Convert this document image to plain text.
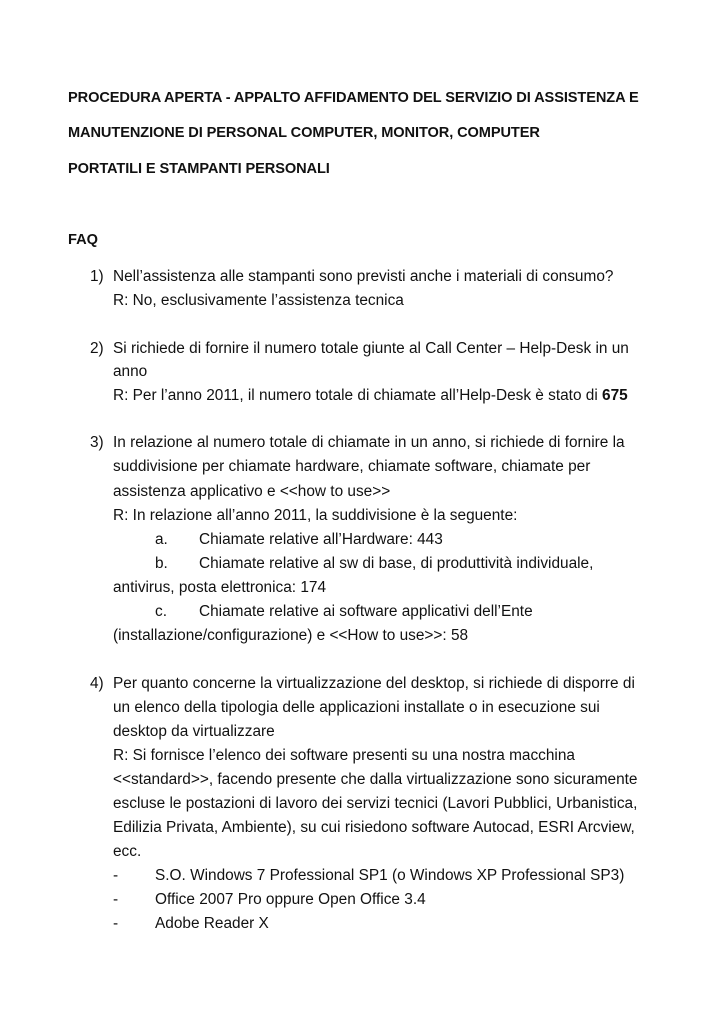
PROCEDURA APERTA - APPALTO AFFIDAMENTO DEL SERVIZIO DI ASSISTENZA E
MANUTENZIONE DI PERSONAL COMPUTER, MONITOR, COMPUTER
PORTATILI E STAMPANTI PERSONALI
FAQ
1) Nell’assistenza alle stampanti sono previsti anche i materiali di consumo?
R: No, esclusivamente l’assistenza tecnica
2) Si richiede di fornire il numero totale giunte al Call Center – Help-Desk in un
anno
R: Per l’anno 2011, il numero totale di chiamate all’Help-Desk è stato di 675
3) In relazione al numero totale di chiamate in un anno, si richiede di fornire la
suddivisione per chiamate hardware, chiamate software, chiamate per
assistenza applicativo e <<how to use>>
R: In relazione all’anno 2011, la suddivisione è la seguente:
a. Chiamate relative all’Hardware: 443
b. Chiamate relative al sw di base, di produttività individuale,
antivirus, posta elettronica: 174
c. Chiamate relative ai software applicativi dell’Ente
(installazione/configurazione) e <<How to use>>: 58
4) Per quanto concerne la virtualizzazione del desktop, si richiede di disporre di
un elenco della tipologia delle applicazioni installate o in esecuzione sui
desktop da virtualizzare
R: Si fornisce l’elenco dei software presenti su una nostra macchina
<<standard>>, facendo presente che dalla virtualizzazione sono sicuramente
escluse le postazioni di lavoro dei servizi tecnici (Lavori Pubblici, Urbanistica,
Edilizia Privata, Ambiente), su cui risiedono software Autocad, ESRI Arcview,
ecc.
- S.O. Windows 7 Professional SP1 (o Windows XP Professional SP3)
- Office 2007 Pro oppure Open Office 3.4
- Adobe Reader X
